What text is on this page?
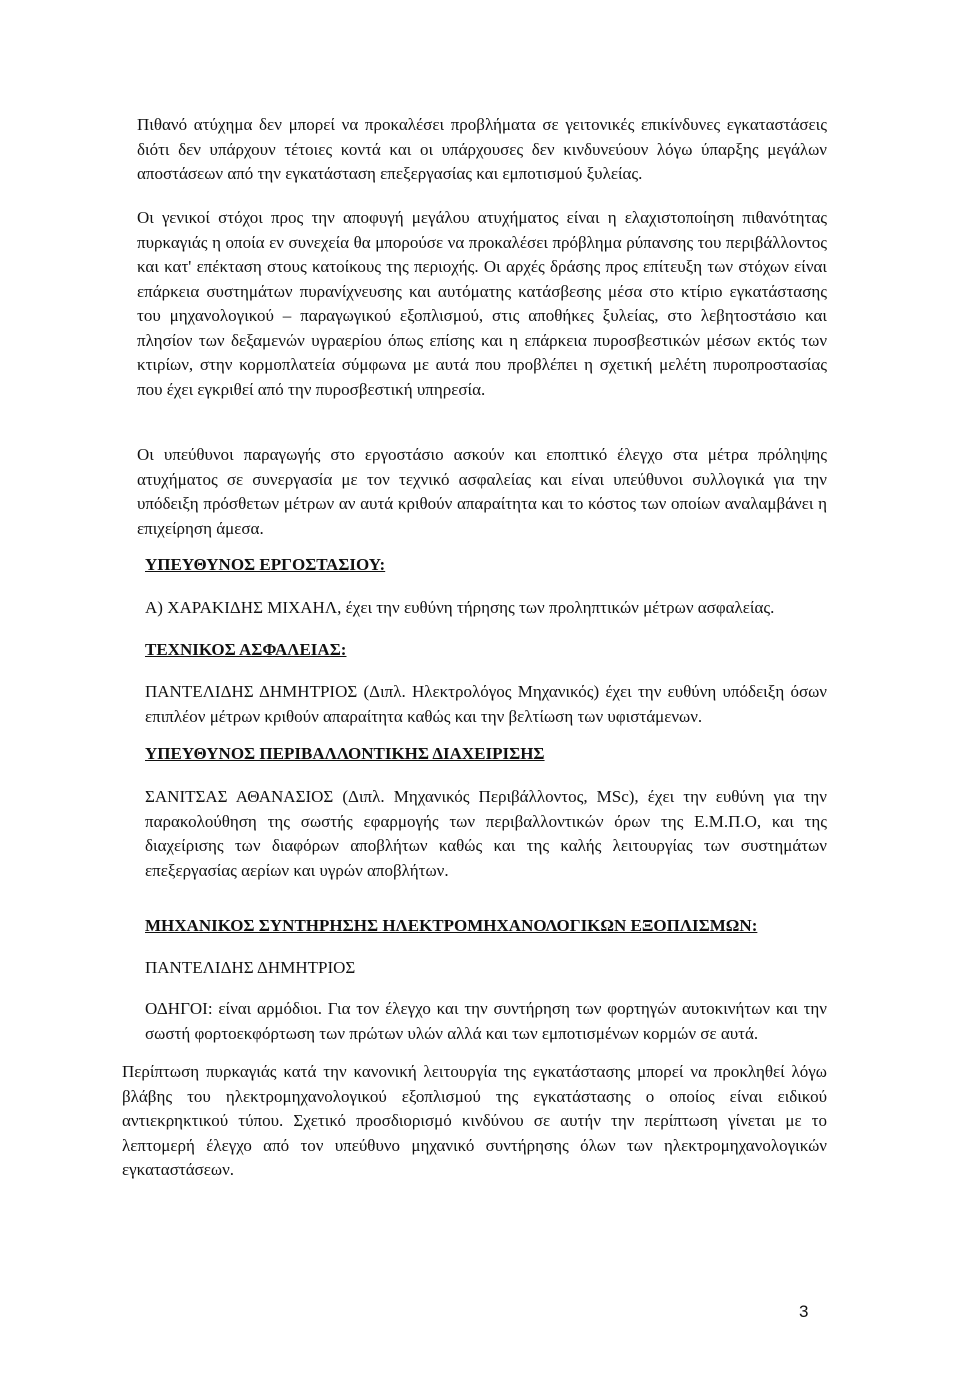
Πιθανό ατύχημα δεν μπορεί να προκαλέσει προβλήματα σε γειτονικές επικίνδυνες εγκαταστάσεις διότι δεν υπάρχουν τέτοιες κοντά και οι υπάρχουσες δεν κινδυνεύουν λόγω ύπαρξης μεγάλων αποστάσεων από την εγκατάσταση επεξεργασίας και εμποτισμού ξυλείας.

Οι γενικοί στόχοι προς την αποφυγή μεγάλου ατυχήματος είναι η ελαχιστοποίηση πιθανότητας πυρκαγιάς η οποία εν συνεχεία θα μπορούσε να προκαλέσει πρόβλημα ρύπανσης του περιβάλλοντος και κατ' επέκταση στους κατοίκους της περιοχής. Οι αρχές δράσης προς επίτευξη των στόχων είναι επάρκεια συστημάτων πυρανίχνευσης και αυτόματης κατάσβεσης μέσα στο κτίριο εγκατάστασης του μηχανολογικού – παραγωγικού εξοπλισμού, στις αποθήκες ξυλείας, στο λεβητοστάσιο και πλησίον των δεξαμενών υγραερίου όπως επίσης και η επάρκεια πυροσβεστικών μέσων εκτός των κτιρίων, στην κορμοπλατεία σύμφωνα με αυτά που προβλέπει η σχετική μελέτη πυροπροστασίας που έχει εγκριθεί από την πυροσβεστική υπηρεσία.

Οι υπεύθυνοι παραγωγής στο εργοστάσιο ασκούν και εποπτικό έλεγχο στα μέτρα πρόληψης ατυχήματος σε συνεργασία με τον τεχνικό ασφαλείας και είναι υπεύθυνοι συλλογικά για την υπόδειξη πρόσθετων μέτρων αν αυτά κριθούν απαραίτητα και το κόστος των οποίων αναλαμβάνει η επιχείρηση άμεσα.

ΥΠΕΥΘΥΝΟΣ ΕΡΓΟΣΤΑΣΙΟΥ:
Α) ΧΑΡΑΚΙΔΗΣ ΜΙΧΑΗΛ, έχει την ευθύνη τήρησης των προληπτικών μέτρων ασφαλείας.
ΤΕΧΝΙΚΟΣ ΑΣΦΑΛΕΙΑΣ:

ΠΑΝΤΕΛΙΔΗΣ ΔΗΜΗΤΡΙΟΣ (Διπλ. Ηλεκτρολόγος Μηχανικός) έχει την ευθύνη υπόδειξη όσων επιπλέον μέτρων κριθούν απαραίτητα καθώς και την βελτίωση των υφιστάμενων.

ΥΠΕΥΘΥΝΟΣ ΠΕΡΙΒΑΛΛΟΝΤΙΚΗΣ ΔΙΑΧΕΙΡΙΣΗΣ

ΣΑΝΙΤΣΑΣ ΑΘΑΝΑΣΙΟΣ (Διπλ. Μηχανικός Περιβάλλοντος, MSc), έχει την ευθύνη για την παρακολούθηση της σωστής εφαρμογής των περιβαλλοντικών όρων της Ε.Μ.Π.Ο, και της διαχείρισης των διαφόρων αποβλήτων καθώς και της καλής λειτουργίας των συστημάτων επεξεργασίας αερίων και υγρών αποβλήτων.

ΜΗΧΑΝΙΚΟΣ ΣΥΝΤΗΡΗΣΗΣ ΗΛΕΚΤΡΟΜΗΧΑΝΟΛΟΓΙΚΩΝ ΕΞΟΠΛΙΣΜΩΝ:
ΠΑΝΤΕΛΙΔΗΣ ΔΗΜΗΤΡΙΟΣ

ΟΔΗΓΟΙ: είναι αρμόδιοι. Για τον έλεγχο και την συντήρηση των φορτηγών αυτοκινήτων και την σωστή φορτοεκφόρτωση των πρώτων υλών αλλά και των εμποτισμένων κορμών σε αυτά.

Περίπτωση πυρκαγιάς κατά την κανονική λειτουργία της εγκατάστασης μπορεί να προκληθεί λόγω βλάβης του ηλεκτρομηχανολογικού εξοπλισμού της εγκατάστασης ο οποίος είναι ειδικού αντιεκρηκτικού τύπου. Σχετικό προσδιορισμό κινδύνου σε αυτήν την περίπτωση γίνεται με το λεπτομερή έλεγχο από τον υπεύθυνο μηχανικό συντήρησης όλων των ηλεκτρομηχανολογικών εγκαταστάσεων.

3
